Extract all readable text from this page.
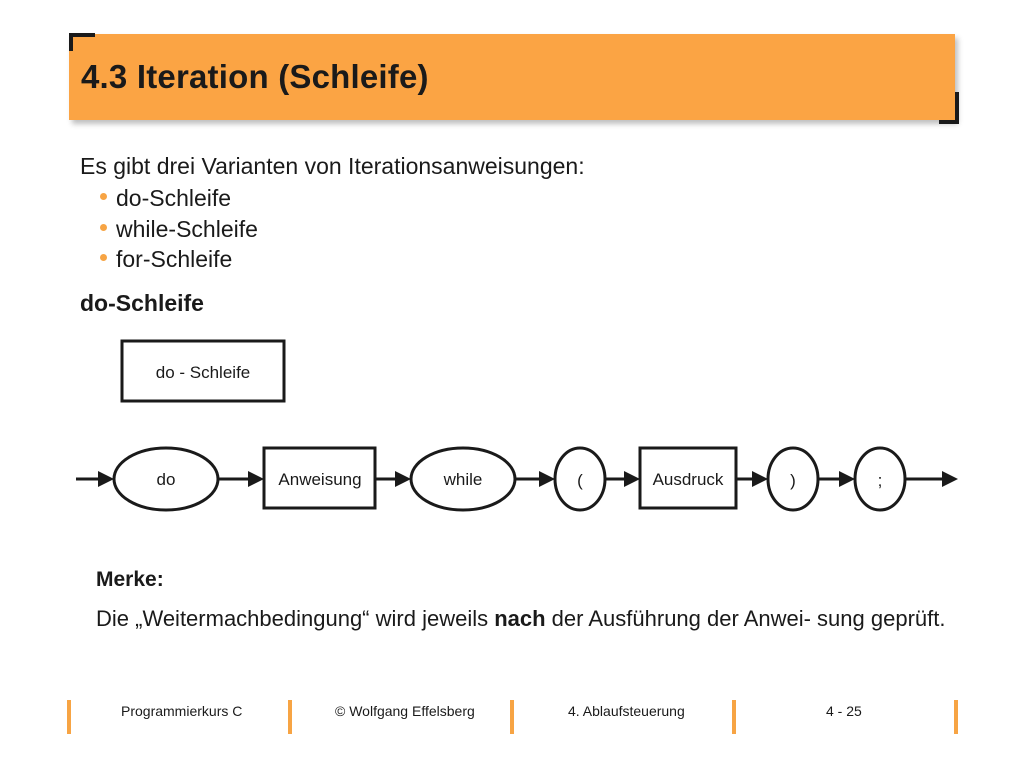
4.3 Iteration (Schleife)
Es gibt drei Varianten von Iterationsanweisungen:
do-Schleife
while-Schleife
for-Schleife
do-Schleife
do - Schleife
do	Anweisung	while	(	Ausdruck	)	;
Merke:
Die „Weitermachbedingung“ wird jeweils nach der Ausführung der Anwei- sung geprüft.
Programmierkurs C	© Wolfgang Effelsberg	4. Ablaufsteuerung	4 - 25
